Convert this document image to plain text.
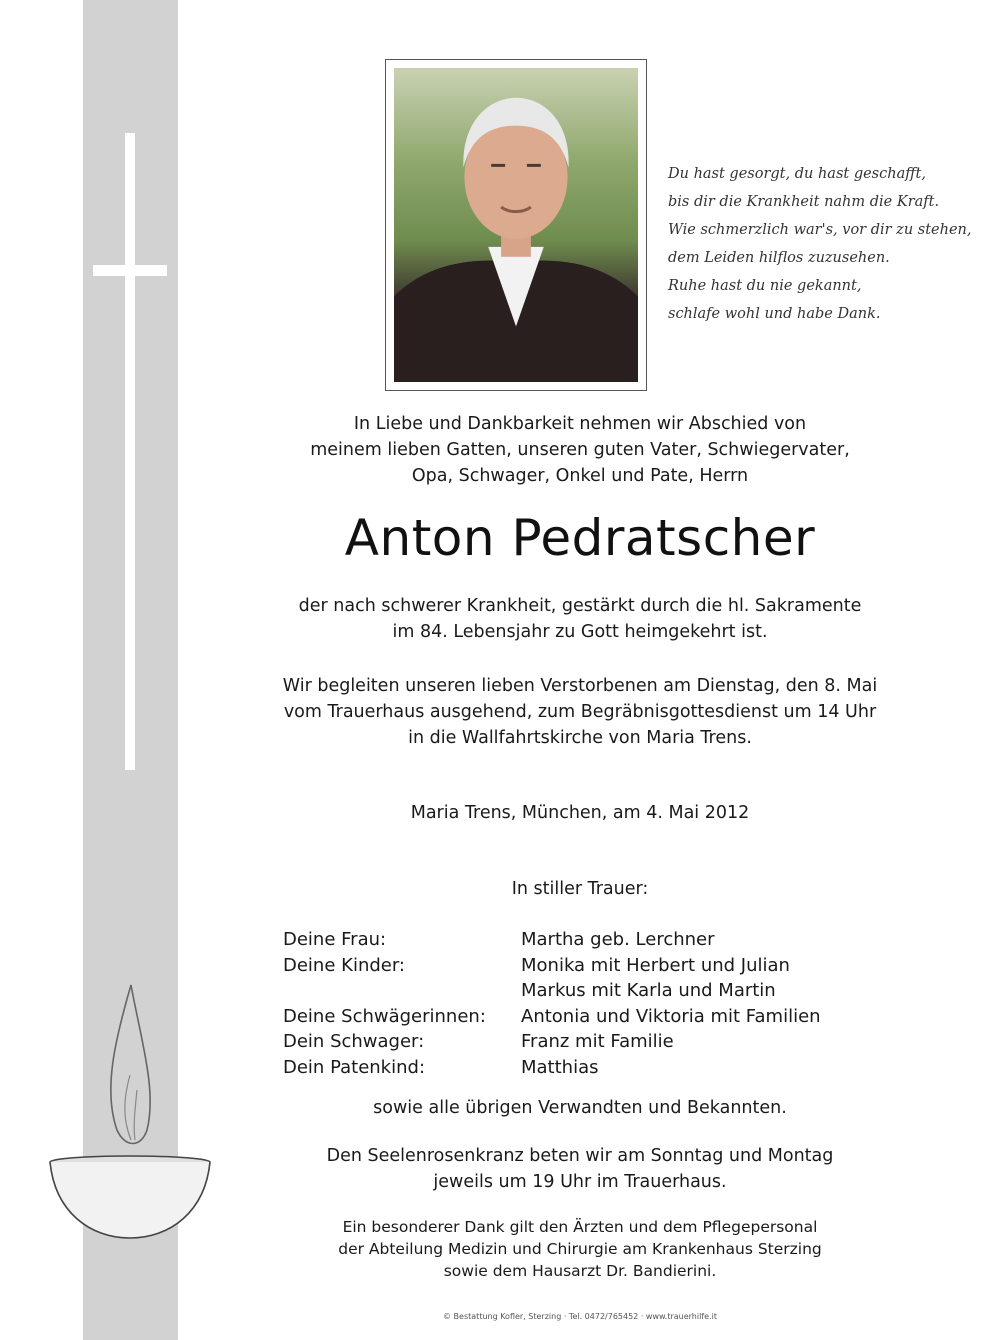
Du hast gesorgt, du hast geschafft,
bis dir die Krankheit nahm die Kraft.
Wie schmerzlich war's, vor dir zu stehen,
dem Leiden hilflos zuzusehen.
Ruhe hast du nie gekannt,
schlafe wohl und habe Dank.
In Liebe und Dankbarkeit nehmen wir Abschied von
meinem lieben Gatten, unseren guten Vater, Schwiegervater,
Opa, Schwager, Onkel und Pate, Herrn
Anton Pedratscher
der nach schwerer Krankheit, gestärkt durch die hl. Sakramente
im 84. Lebensjahr zu Gott heimgekehrt ist.
Wir begleiten unseren lieben Verstorbenen am Dienstag, den 8. Mai
vom Trauerhaus ausgehend, zum Begräbnisgottesdienst um 14 Uhr
in die Wallfahrtskirche von Maria Trens.
Maria Trens, München, am 4. Mai 2012
In stiller Trauer:
Deine Frau:	Martha geb. Lerchner
Deine Kinder:	Monika mit Herbert und Julian
Markus mit Karla und Martin
Deine Schwägerinnen:	Antonia und Viktoria mit Familien
Dein Schwager:	Franz mit Familie
Dein Patenkind:	Matthias
sowie alle übrigen Verwandten und Bekannten.
Den Seelenrosenkranz beten wir am Sonntag und Montag
jeweils um 19 Uhr im Trauerhaus.
Ein besonderer Dank gilt den Ärzten und dem Pflegepersonal
der Abteilung Medizin und Chirurgie am Krankenhaus Sterzing
sowie dem Hausarzt Dr. Bandierini.
© Bestattung Kofler, Sterzing · Tel. 0472/765452 · www.trauerhilfe.it
